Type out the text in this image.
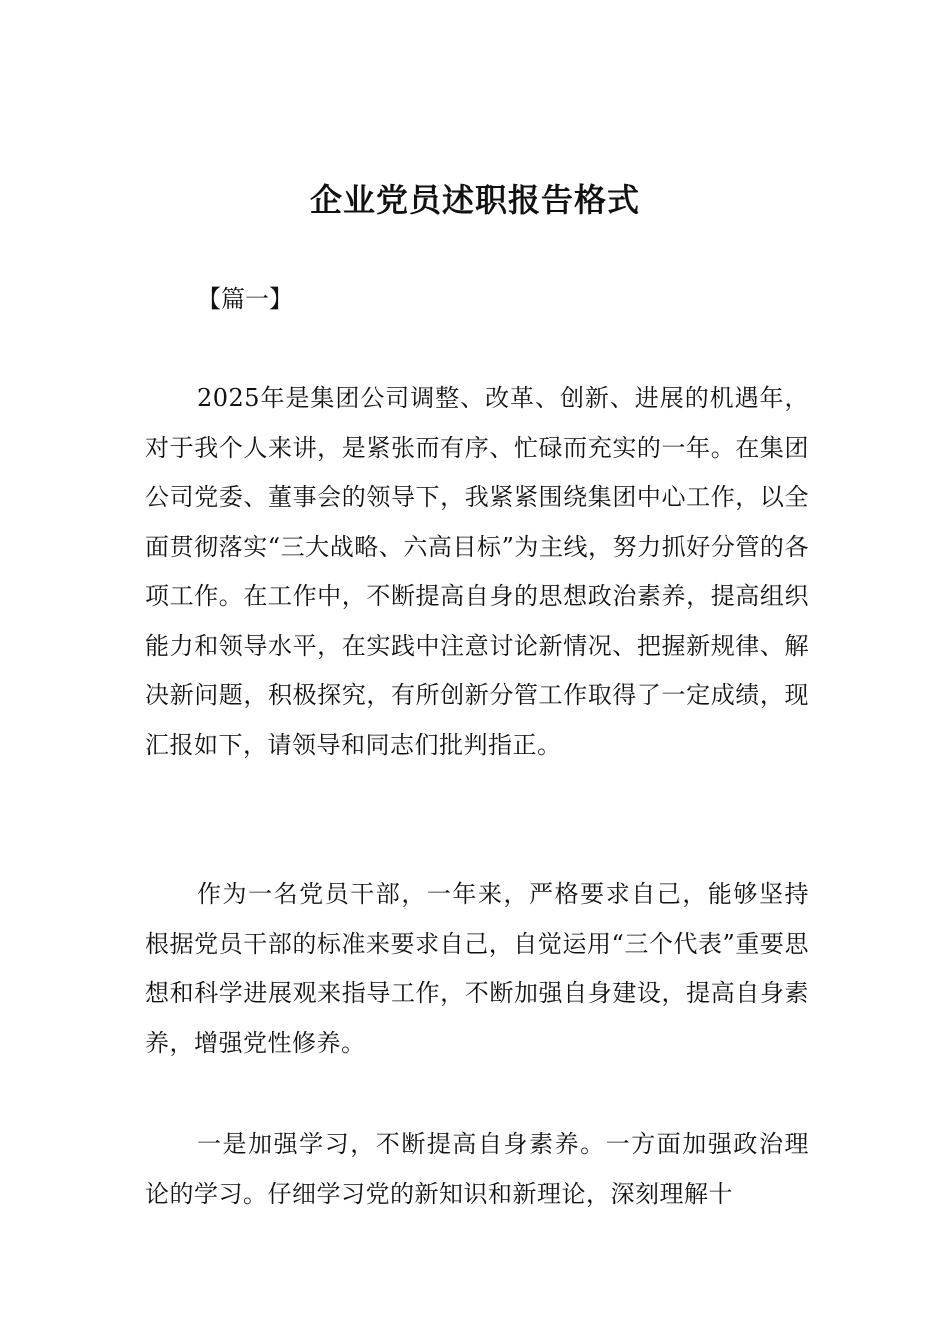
企业党员述职报告格式

【篇一】

2025年是集团公司调整、改革、创新、进展的机遇年，对于我个人来讲，是紧张而有序、忙碌而充实的一年。在集团公司党委、董事会的领导下，我紧紧围绕集团中心工作，以全面贯彻落实“三大战略、六高目标”为主线，努力抓好分管的各项工作。在工作中，不断提高自身的思想政治素养，提高组织能力和领导水平，在实践中注意讨论新情况、把握新规律、解决新问题，积极探究，有所创新分管工作取得了一定成绩，现汇报如下，请领导和同志们批判指正。

作为一名党员干部，一年来，严格要求自己，能够坚持根据党员干部的标准来要求自己，自觉运用“三个代表”重要思想和科学进展观来指导工作，不断加强自身建设，提高自身素养，增强党性修养。

一是加强学习，不断提高自身素养。一方面加强政治理论的学习。仔细学习党的新知识和新理论，深刻理解十
